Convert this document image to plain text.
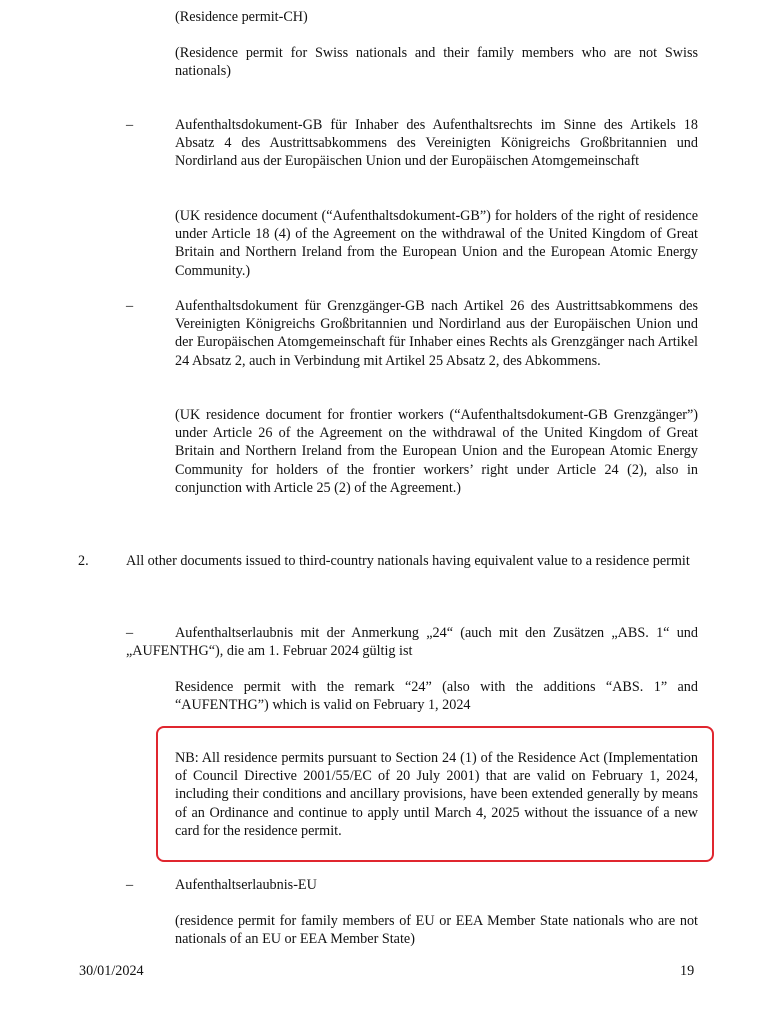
(Residence permit-CH)

(Residence permit for Swiss nationals and their family members who are not Swiss nationals)

–	Aufenthaltsdokument-GB für Inhaber des Aufenthaltsrechts im Sinne des Artikels 18 Absatz 4 des Austrittsabkommens des Vereinigten Königreichs Großbritannien und Nordirland aus der Europäischen Union und der Europäischen Atomgemeinschaft

(UK residence document (“Aufenthaltsdokument-GB”) for holders of the right of residence under Article 18 (4) of the Agreement on the withdrawal of the United Kingdom of Great Britain and Northern Ireland from the European Union and the European Atomic Energy Community.)

–	Aufenthaltsdokument für Grenzgänger-GB nach Artikel 26 des Austrittsabkommens des Vereinigten Königreichs Großbritannien und Nordirland aus der Europäischen Union und der Europäischen Atomgemeinschaft für Inhaber eines Rechts als Grenzgänger nach Artikel 24 Absatz 2, auch in Verbindung mit Artikel 25 Absatz 2, des Abkommens.

(UK residence document for frontier workers (“Aufenthaltsdokument-GB Grenzgänger”) under Article 26 of the Agreement on the withdrawal of the United Kingdom of Great Britain and Northern Ireland from the European Union and the European Atomic Energy Community for holders of the frontier workers’ right under Article 24 (2), also in conjunction with Article 25 (2) of the Agreement.)

2.	All other documents issued to third-country nationals having equivalent value to a residence permit

–	Aufenthaltserlaubnis mit der Anmerkung „24“ (auch mit den Zusätzen „ABS. 1“ und „AUFENTHG“), die am 1. Februar 2024 gültig ist

Residence permit with the remark “24” (also with the additions “ABS. 1” and “AUFENTHG”) which is valid on February 1, 2024

NB: All residence permits pursuant to Section 24 (1) of the Residence Act (Implementation of Council Directive 2001/55/EC of 20 July 2001) that are valid on February 1, 2024, including their conditions and ancillary provisions, have been extended generally by means of an Ordinance and continue to apply until March 4, 2025 without the issuance of a new card for the residence permit.

–	Aufenthaltserlaubnis-EU

(residence permit for family members of EU or EEA Member State nationals who are not nationals of an EU or EEA Member State)

30/01/2024	19
